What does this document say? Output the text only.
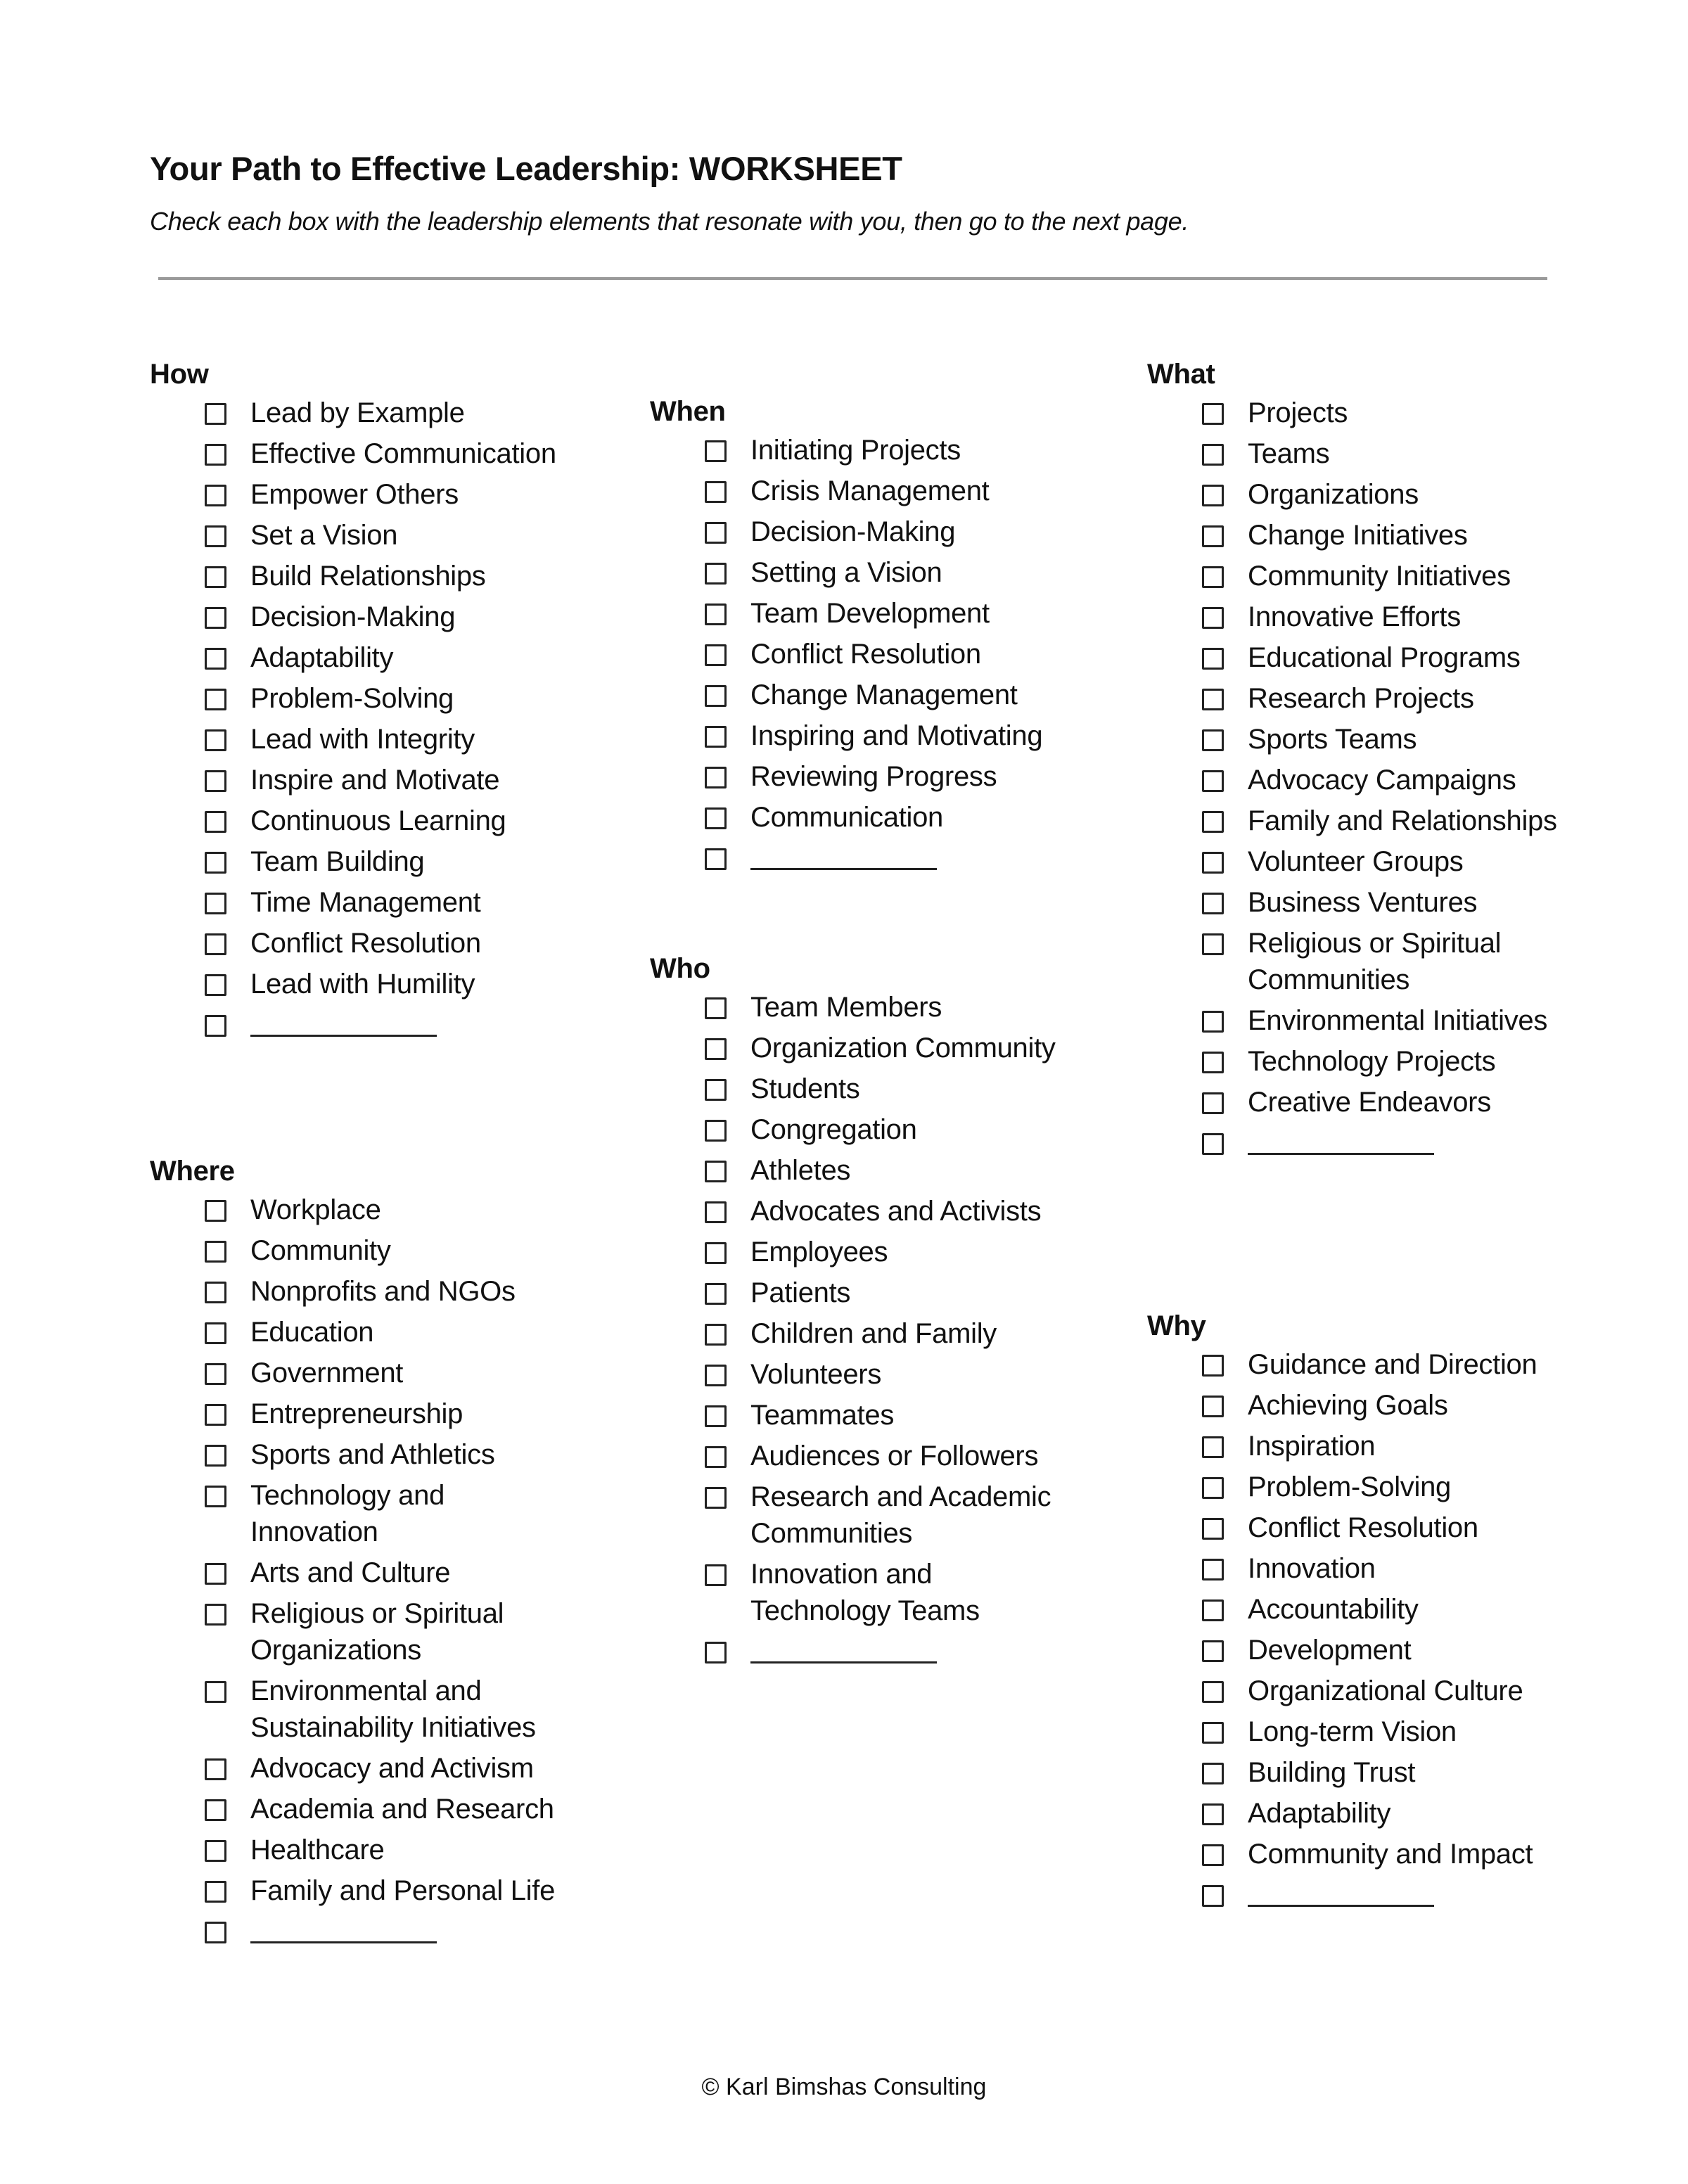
Your Path to Effective Leadership: WORKSHEET

Check each box with the leadership elements that resonate with you, then go to the next page.

How
Lead by Example
Effective Communication
Empower Others
Set a Vision
Build Relationships
Decision-Making
Adaptability
Problem-Solving
Lead with Integrity
Inspire and Motivate
Continuous Learning
Team Building
Time Management
Conflict Resolution
Lead with Humility
Where
Workplace
Community
Nonprofits and NGOs
Education
Government
Entrepreneurship
Sports and Athletics
Technology and Innovation
Arts and Culture
Religious or Spiritual Organizations
Environmental and Sustainability Initiatives
Advocacy and Activism
Academia and Research
Healthcare
Family and Personal Life
When
Initiating Projects
Crisis Management
Decision-Making
Setting a Vision
Team Development
Conflict Resolution
Change Management
Inspiring and Motivating
Reviewing Progress
Communication
Who
Team Members
Organization Community
Students
Congregation
Athletes
Advocates and Activists
Employees
Patients
Children and Family
Volunteers
Teammates
Audiences or Followers
Research and Academic Communities
Innovation and Technology Teams
What
Projects
Teams
Organizations
Change Initiatives
Community Initiatives
Innovative Efforts
Educational Programs
Research Projects
Sports Teams
Advocacy Campaigns
Family and Relationships
Volunteer Groups
Business Ventures
Religious or Spiritual Communities
Environmental Initiatives
Technology Projects
Creative Endeavors
Why
Guidance and Direction
Achieving Goals
Inspiration
Problem-Solving
Conflict Resolution
Innovation
Accountability
Development
Organizational Culture
Long-term Vision
Building Trust
Adaptability
Community and Impact

© Karl Bimshas Consulting
